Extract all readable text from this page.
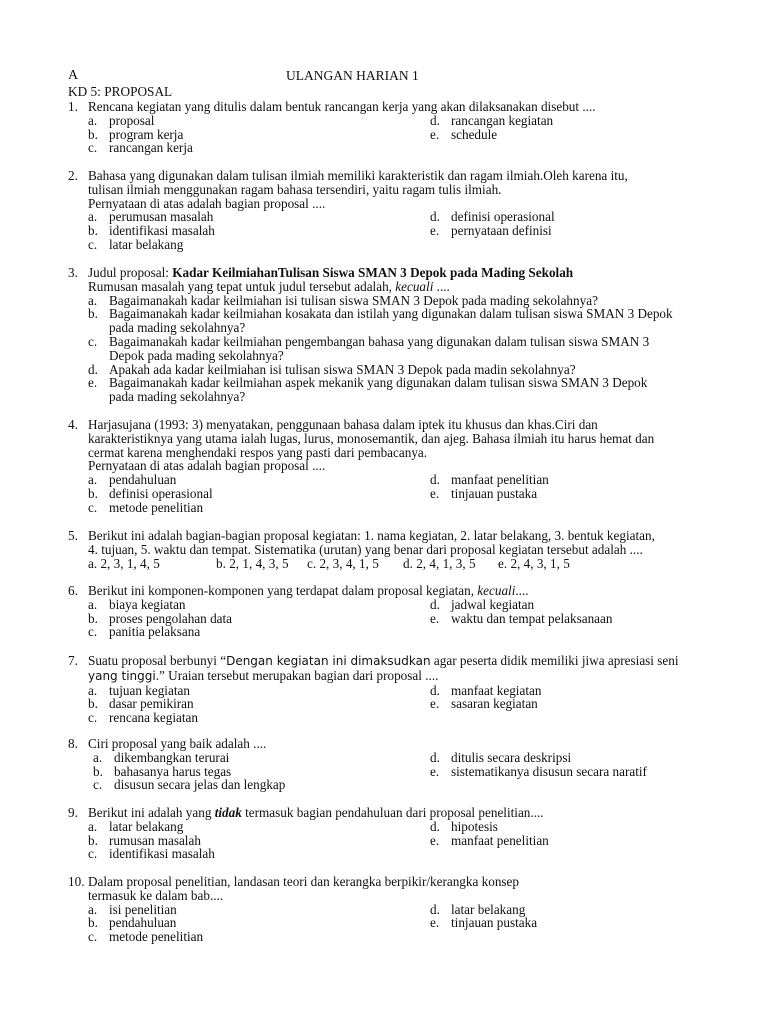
A	ULANGAN HARIAN 1
KD 5: PROPOSAL
1. Rencana kegiatan yang ditulis dalam bentuk rancangan kerja yang akan dilaksanakan disebut ....

a. proposal	d. rancangan kegiatan
b. program kerja	e. schedule
c. rancangan kerja
2. Bahasa yang digunakan dalam tulisan ilmiah memiliki karakteristik dan ragam ilmiah.Oleh karena itu,

tulisan ilmiah menggunakan ragam bahasa tersendiri, yaitu ragam tulis ilmiah.

Pernyataan di atas adalah bagian proposal ....

a. perumusan masalah	d. definisi operasional
b. identifikasi masalah	e. pernyataan definisi
c. latar belakang
3. Judul proposal: Kadar KeilmiahanTulisan Siswa SMAN 3 Depok pada Mading Sekolah

Rumusan masalah yang tepat untuk judul tersebut adalah, kecuali ....

a. Bagaimanakah kadar keilmiahan isi tulisan siswa SMAN 3 Depok pada mading sekolahnya?
b. Bagaimanakah kadar keilmiahan kosakata dan istilah yang digunakan dalam tulisan siswa SMAN 3 Depok
pada mading sekolahnya?
c. Bagaimanakah kadar keilmiahan pengembangan bahasa yang digunakan dalam tulisan siswa SMAN 3
Depok pada mading sekolahnya?
d. Apakah ada kadar keilmiahan isi tulisan siswa SMAN 3 Depok pada madin sekolahnya?
e. Bagaimanakah kadar keilmiahan aspek mekanik yang digunakan dalam tulisan siswa SMAN 3 Depok
pada mading sekolahnya?
4. Harjasujana (1993: 3) menyatakan, penggunaan bahasa dalam iptek itu khusus dan khas.Ciri dan

karakteristiknya yang utama ialah lugas, lurus, monosemantik, dan ajeg. Bahasa ilmiah itu harus hemat dan

cermat karena menghendaki respos yang pasti dari pembacanya.

Pernyataan di atas adalah bagian proposal ....

a. pendahuluan	d. manfaat penelitian
b. definisi operasional	e. tinjauan pustaka
c. metode penelitian
5. Berikut ini adalah bagian-bagian proposal kegiatan: 1. nama kegiatan, 2. latar belakang, 3. bentuk kegiatan,

4. tujuan, 5. waktu dan tempat. Sistematika (urutan) yang benar dari proposal kegiatan tersebut adalah ....

a. 2, 3, 1, 4, 5	b. 2, 1, 4, 3, 5 c. 2, 3, 4, 1, 5 d. 2, 4, 1, 3, 5 e. 2, 4, 3, 1, 5
6. Berikut ini komponen-komponen yang terdapat dalam proposal kegiatan, kecuali....

a. biaya kegiatan	d. jadwal kegiatan
b. proses pengolahan data	e. waktu dan tempat pelaksanaan
c. panitia pelaksana
7. Suatu proposal berbunyi “Dengan kegiatan ini dimaksudkan agar peserta didik memiliki jiwa apresiasi seni

yang tinggi.” Uraian tersebut merupakan bagian dari proposal ....

a. tujuan kegiatan	d. manfaat kegiatan
b. dasar pemikiran	e. sasaran kegiatan
c. rencana kegiatan
8. Ciri proposal yang baik adalah ....

a. dikembangkan terurai	d. ditulis secara deskripsi
b. bahasanya harus tegas	e. sistematikanya disusun secara naratif
c. disusun secara jelas dan lengkap
9. Berikut ini adalah yang tidak termasuk bagian pendahuluan dari proposal penelitian....

a. latar belakang	d. hipotesis
b. rumusan masalah	e. manfaat penelitian
c. identifikasi masalah
10. Dalam proposal penelitian, landasan teori dan kerangka berpikir/kerangka konsep

termasuk ke dalam bab....

a. isi penelitian	d. latar belakang
b. pendahuluan	e. tinjauan pustaka
c. metode penelitian
